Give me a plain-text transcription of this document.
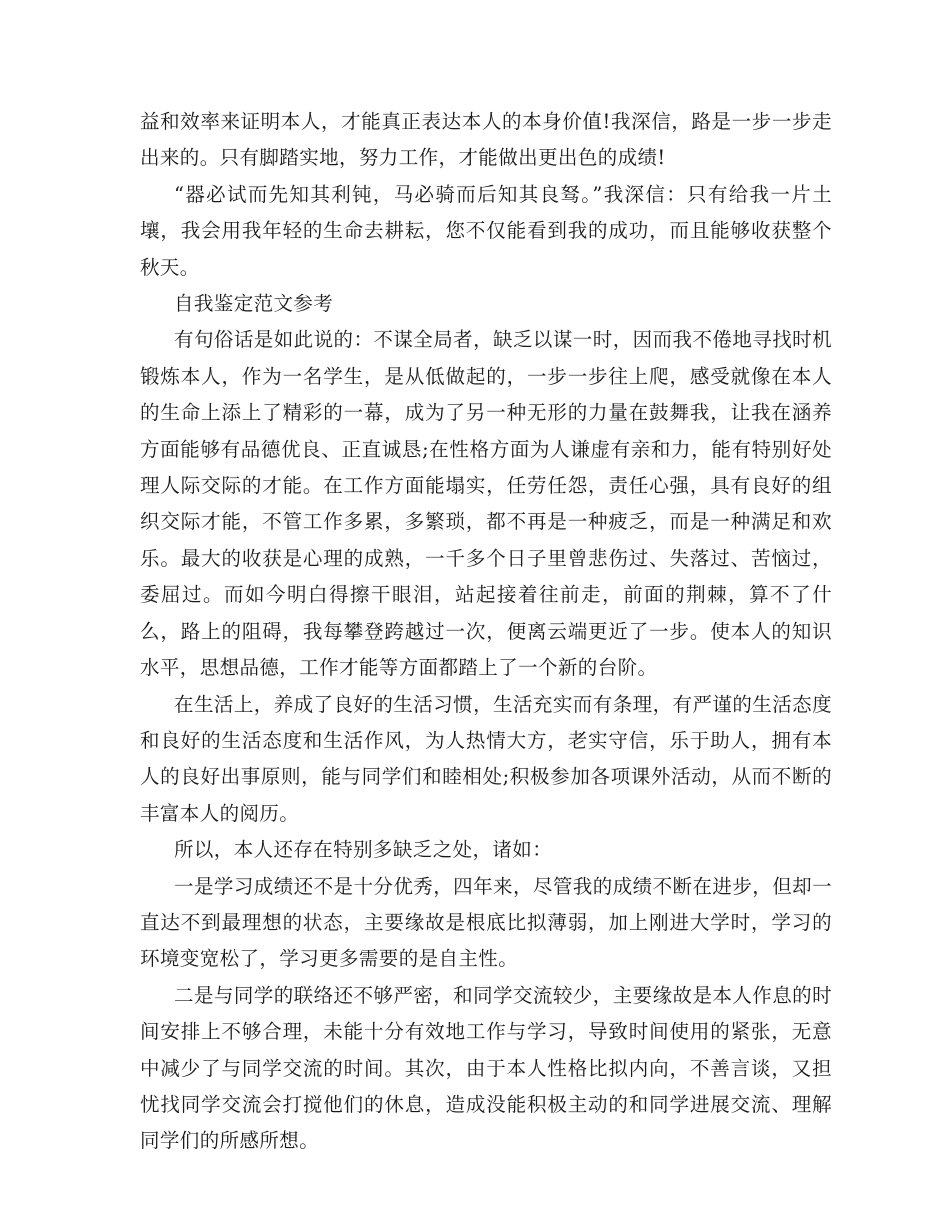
益和效率来证明本人，才能真正表达本人的本身价值!我深信，路是一步一步走出来的。只有脚踏实地，努力工作，才能做出更出色的成绩!

“器必试而先知其利钝，马必骑而后知其良驽。”我深信：只有给我一片土壤，我会用我年轻的生命去耕耘，您不仅能看到我的成功，而且能够收获整个秋天。

自我鉴定范文参考

有句俗话是如此说的：不谋全局者，缺乏以谋一时，因而我不倦地寻找时机锻炼本人，作为一名学生，是从低做起的，一步一步往上爬，感受就像在本人的生命上添上了精彩的一幕，成为了另一种无形的力量在鼓舞我，让我在涵养方面能够有品德优良、正直诚恳;在性格方面为人谦虚有亲和力，能有特别好处理人际交际的才能。在工作方面能塌实，任劳任怨，责任心强，具有良好的组织交际才能，不管工作多累，多繁琐，都不再是一种疲乏，而是一种满足和欢乐。最大的收获是心理的成熟，一千多个日子里曾悲伤过、失落过、苦恼过，委屈过。而如今明白得擦干眼泪，站起接着往前走，前面的荆棘，算不了什么，路上的阻碍，我每攀登跨越过一次，便离云端更近了一步。使本人的知识水平，思想品德，工作才能等方面都踏上了一个新的台阶。

在生活上，养成了良好的生活习惯，生活充实而有条理，有严谨的生活态度和良好的生活态度和生活作风，为人热情大方，老实守信，乐于助人，拥有本人的良好出事原则，能与同学们和睦相处;积极参加各项课外活动，从而不断的丰富本人的阅历。

所以，本人还存在特别多缺乏之处，诸如：

一是学习成绩还不是十分优秀，四年来，尽管我的成绩不断在进步，但却一直达不到最理想的状态，主要缘故是根底比拟薄弱，加上刚进大学时，学习的环境变宽松了，学习更多需要的是自主性。

二是与同学的联络还不够严密，和同学交流较少，主要缘故是本人作息的时间安排上不够合理，未能十分有效地工作与学习，导致时间使用的紧张，无意中减少了与同学交流的时间。其次，由于本人性格比拟内向，不善言谈，又担忧找同学交流会打搅他们的休息，造成没能积极主动的和同学进展交流、理解同学们的所感所想。
